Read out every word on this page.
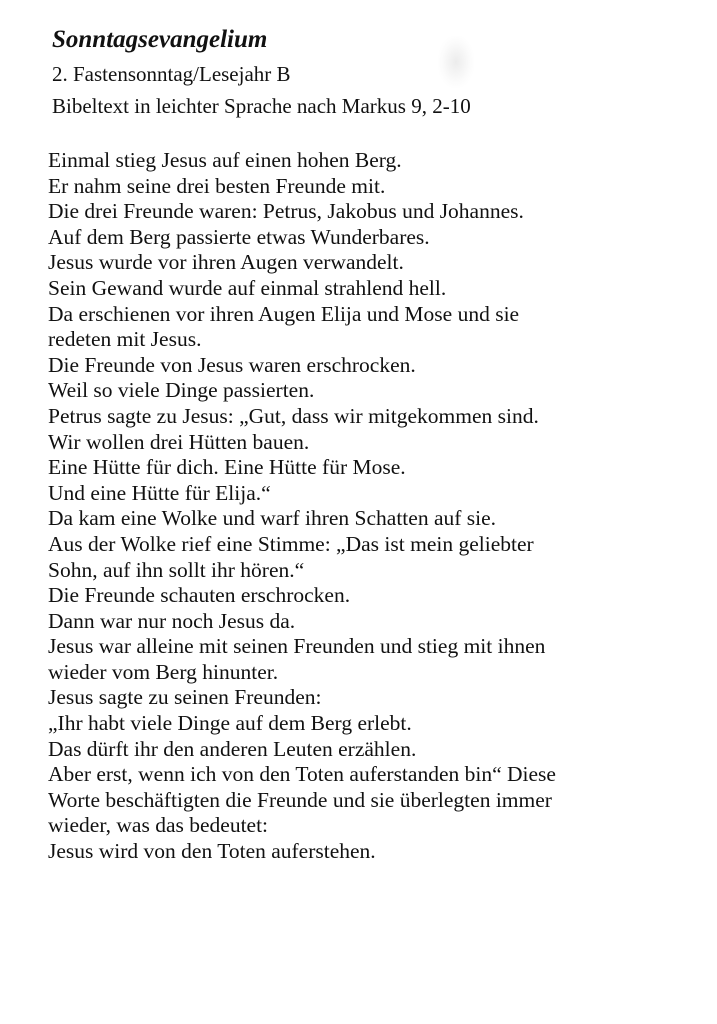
Sonntagsevangelium
2. Fastensonntag/Lesejahr B
Bibeltext in leichter Sprache nach Markus 9, 2-10
Einmal stieg Jesus auf einen hohen Berg.
Er nahm seine drei besten Freunde mit.
Die drei Freunde waren: Petrus, Jakobus und Johannes.
Auf dem Berg passierte etwas Wunderbares.
Jesus wurde vor ihren Augen verwandelt.
Sein Gewand wurde auf einmal strahlend hell.
Da erschienen vor ihren Augen Elija und Mose und sie
redeten mit Jesus.
Die Freunde von Jesus waren erschrocken.
Weil so viele Dinge passierten.
Petrus sagte zu Jesus: „Gut, dass wir mitgekommen sind.
Wir wollen drei Hütten bauen.
Eine Hütte für dich. Eine Hütte für Mose.
Und eine Hütte für Elija.“
Da kam eine Wolke und warf ihren Schatten auf sie.
Aus der Wolke rief eine Stimme: „Das ist mein geliebter
Sohn, auf ihn sollt ihr hören.“
Die Freunde schauten erschrocken.
Dann war nur noch Jesus da.
Jesus war alleine mit seinen Freunden und stieg mit ihnen
wieder vom Berg hinunter.
Jesus sagte zu seinen Freunden:
„Ihr habt viele Dinge auf dem Berg erlebt.
Das dürft ihr den anderen Leuten erzählen.
Aber erst, wenn ich von den Toten auferstanden bin“ Diese
Worte beschäftigten die Freunde und sie überlegten immer
wieder, was das bedeutet:
Jesus wird von den Toten auferstehen.
